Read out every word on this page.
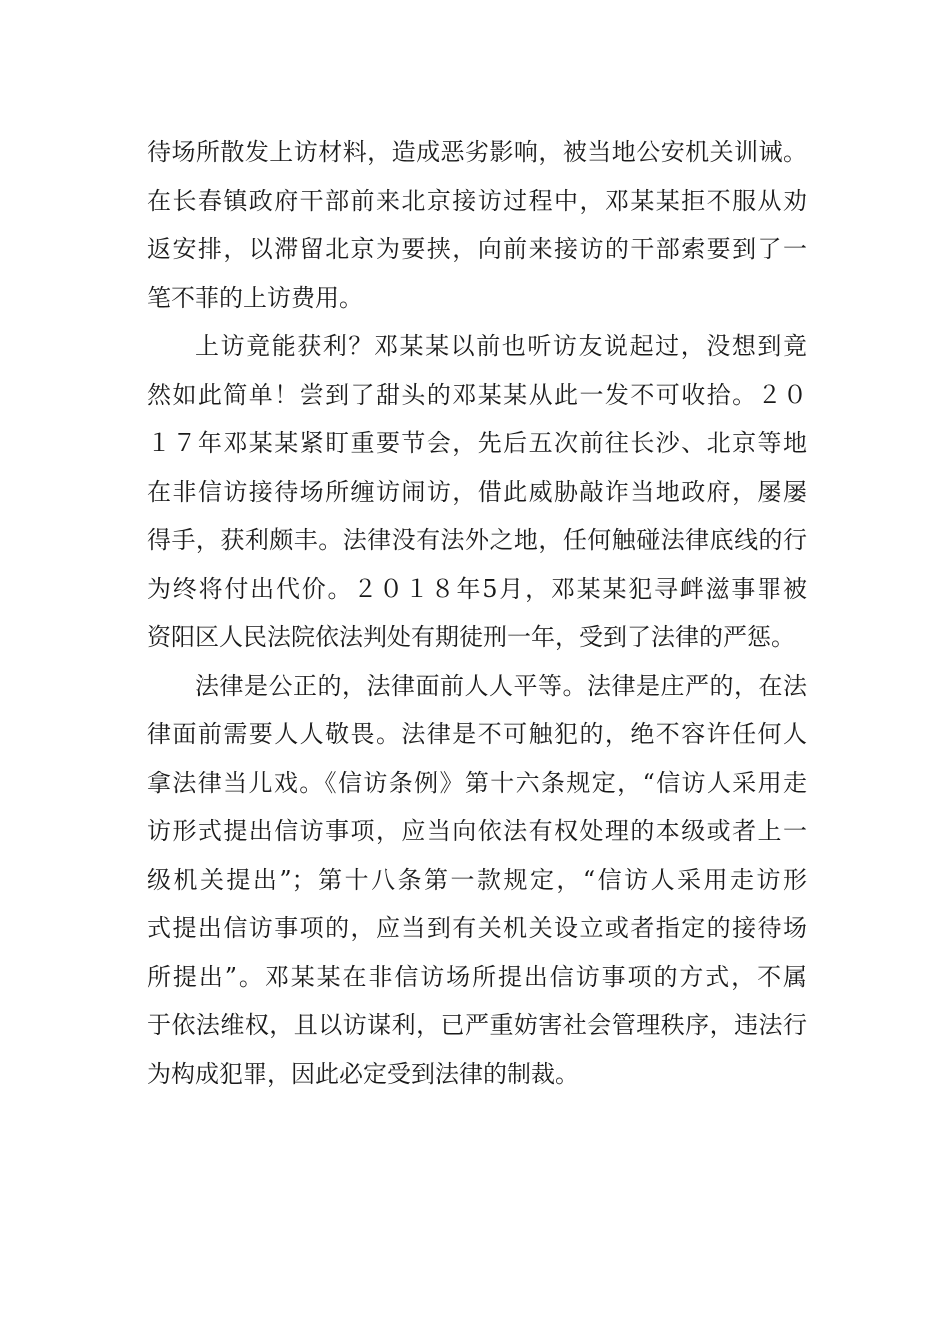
待场所散发上访材料，造成恶劣影响，被当地公安机关训诫。
在长春镇政府干部前来北京接访过程中，邓某某拒不服从劝
返安排，以滞留北京为要挟，向前来接访的干部索要到了一
笔不菲的上访费用。
上访竟能获利？邓某某以前也听访友说起过，没想到竟
然如此简单！尝到了甜头的邓某某从此一发不可收拾。２０
１７年邓某某紧盯重要节会，先后五次前往长沙、北京等地
在非信访接待场所缠访闹访，借此威胁敲诈当地政府，屡屡
得手，获利颇丰。法律没有法外之地，任何触碰法律底线的行
为终将付出代价。２０１８年5月，邓某某犯寻衅滋事罪被
资阳区人民法院依法判处有期徒刑一年，受到了法律的严惩。
法律是公正的，法律面前人人平等。法律是庄严的，在法
律面前需要人人敬畏。法律是不可触犯的，绝不容许任何人
拿法律当儿戏。《信访条例》第十六条规定，“信访人采用走
访形式提出信访事项，应当向依法有权处理的本级或者上一
级机关提出”；第十八条第一款规定，“信访人采用走访形
式提出信访事项的，应当到有关机关设立或者指定的接待场
所提出”。邓某某在非信访场所提出信访事项的方式，不属
于依法维权，且以访谋利，已严重妨害社会管理秩序，违法行
为构成犯罪，因此必定受到法律的制裁。
